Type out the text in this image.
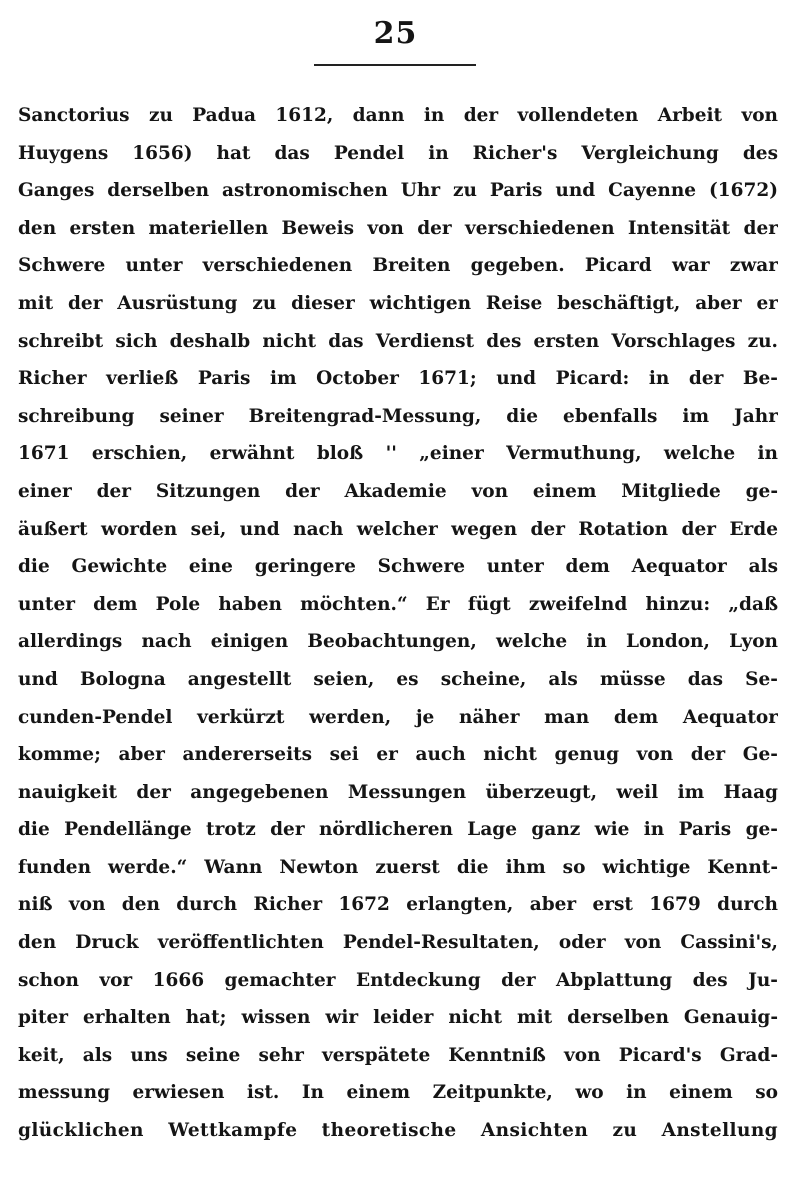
25
Sanctorius zu Padua 1612, dann in der vollendeten Arbeit von
Huygens 1656) hat das Pendel in Richer's Vergleichung des
Ganges derselben astronomischen Uhr zu Paris und Cayenne (1672)
den ersten materiellen Beweis von der verschiedenen Intensität der
Schwere unter verschiedenen Breiten gegeben. Picard war zwar
mit der Ausrüstung zu dieser wichtigen Reise beschäftigt, aber er
schreibt sich deshalb nicht das Verdienst des ersten Vorschlages zu.
Richer verließ Paris im October 1671; und Picard: in der Be-
schreibung seiner Breitengrad-Messung, die ebenfalls im Jahr
1671 erschien, erwähnt bloß '' „einer Vermuthung, welche in
einer der Sitzungen der Akademie von einem Mitgliede ge-
äußert worden sei, und nach welcher wegen der Rotation der Erde
die Gewichte eine geringere Schwere unter dem Aequator als
unter dem Pole haben möchten.“ Er fügt zweifelnd hinzu: „daß
allerdings nach einigen Beobachtungen, welche in London, Lyon
und Bologna angestellt seien, es scheine, als müsse das Se-
cunden-Pendel verkürzt werden, je näher man dem Aequator
komme; aber andererseits sei er auch nicht genug von der Ge-
nauigkeit der angegebenen Messungen überzeugt, weil im Haag
die Pendellänge trotz der nördlicheren Lage ganz wie in Paris ge-
funden werde.“ Wann Newton zuerst die ihm so wichtige Kennt-
niß von den durch Richer 1672 erlangten, aber erst 1679 durch
den Druck veröffentlichten Pendel-Resultaten, oder von Cassini's,
schon vor 1666 gemachter Entdeckung der Abplattung des Ju-
piter erhalten hat; wissen wir leider nicht mit derselben Genauig-
keit, als uns seine sehr verspätete Kenntniß von Picard's Grad-
messung erwiesen ist. In einem Zeitpunkte, wo in einem so
glücklichen Wettkampfe theoretische Ansichten zu Anstellung
